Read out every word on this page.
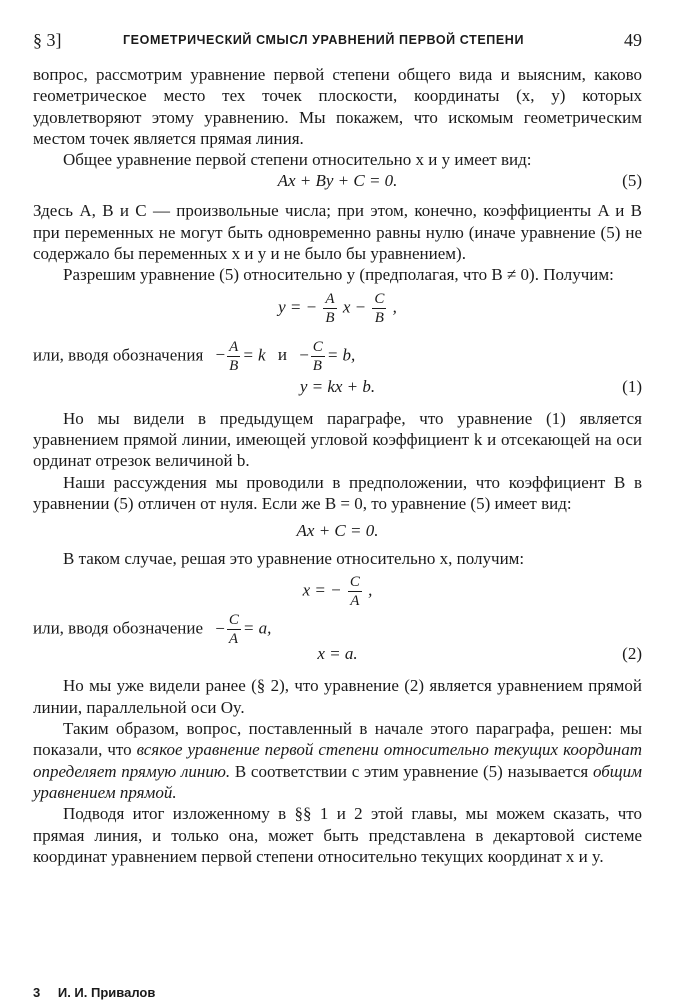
§ 3]	ГЕОМЕТРИЧЕСКИЙ СМЫСЛ УРАВНЕНИЙ ПЕРВОЙ СТЕПЕНИ	49

вопрос, рассмотрим уравнение первой степени общего вида и выясним, каково геометрическое место тех точек плоскости, координаты (x, y) которых удовлетворяют этому уравнению. Мы покажем, что искомым геометрическим местом точек является прямая линия.

Общее уравнение первой степени относительно x и y имеет вид:

Ax + By + C = 0.	(5)

Здесь A, B и C — произвольные числа; при этом, конечно, коэффициенты A и B при переменных не могут быть одновременно равны нулю (иначе уравнение (5) не содержало бы переменных x и y и не было бы уравнением).

Разрешим уравнение (5) относительно y (предполагая, что B ≠ 0). Получим:

y = − $\frac{A}{B}$ $x - \frac{C}{B}$ ,
или, вводя обозначения − $\frac{A}{B} = k$ $и - \frac{C}{B} = b$,
y = kx + b.	(1)

Но мы видели в предыдущем параграфе, что уравнение (1) является уравнением прямой линии, имеющей угловой коэффициент k и отсекающей на оси ординат отрезок величиной b.

Наши рассуждения мы проводили в предположении, что коэффициент B в уравнении (5) отличен от нуля. Если же B = 0, то уравнение (5) имеет вид:

Ax + C = 0.

В таком случае, решая это уравнение относительно x, получим:

x = − $\frac{C}{A}$ ,
или, вводя обозначение − $\frac{C}{A} = a$,
x = a.	(2)

Но мы уже видели ранее (§ 2), что уравнение (2) является уравнением прямой линии, параллельной оси Oy.

Таким образом, вопрос, поставленный в начале этого параграфа, решен: мы показали, что всякое уравнение первой степени относительно текущих координат определяет прямую линию. В соответствии с этим уравнение (5) называется общим уравнением прямой.

Подводя итог изложенному в §§ 1 и 2 этой главы, мы можем сказать, что прямая линия, и только она, может быть представлена в декартовой системе координат уравнением первой степени относительно текущих координат x и y.

3 И. И. Привалов
